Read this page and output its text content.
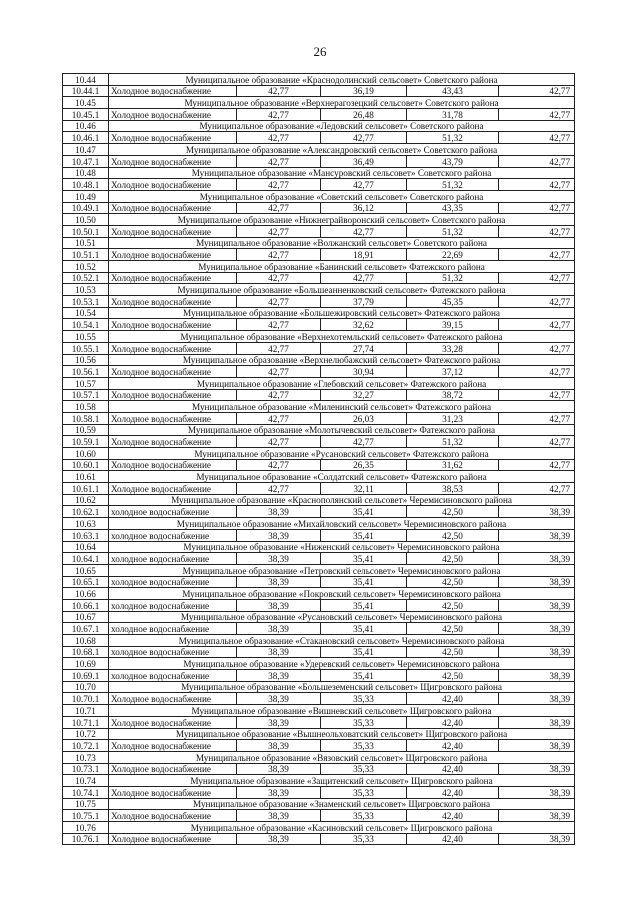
26
10.44	Муниципальное образование «Краснодолинский сельсовет» Советского района				
10.44.1	Холодное водоснабжение	42,77	36,19	43,43	42,77
10.45	Муниципальное образование «Верхнерагозецкий сельсовет» Советского района				
10.45.1	Холодное водоснабжение	42,77	26,48	31,78	42,77
10.46	Муниципальное образование «Ледовский сельсовет» Советского района				
10.46.1	Холодное водоснабжение	42,77	42,77	51,32	42,77
10.47	Муниципальное образование «Александровский сельсовет» Советского района				
10.47.1	Холодное водоснабжение	42,77	36,49	43,79	42,77
10.48	Муниципальное образование «Мансуровский сельсовет» Советского района				
10.48.1	Холодное водоснабжение	42,77	42,77	51,32	42,77
10.49	Муниципальное образование «Советский сельсовет» Советского района				
10.49.1	Холодное водоснабжение	42,77	36,12	43,35	42,77
10.50	Муниципальное образование «Нижнеграйворонский сельсовет» Советского района				
10.50.1	Холодное водоснабжение	42,77	42,77	51,32	42,77
10.51	Муниципальное образование «Волжанский сельсовет» Советского района				
10.51.1	Холодное водоснабжение	42,77	18,91	22,69	42,77
10.52	Муниципальное образование «Банинский сельсовет» Фатежского района				
10.52.1	Холодное водоснабжение	42,77	42,77	51,32	42,77
10.53	Муниципальное образование «Большеанненковский сельсовет» Фатежского района				
10.53.1	Холодное водоснабжение	42,77	37,79	45,35	42,77
10.54	Муниципальное образование «Большежировский сельсовет» Фатежского района				
10.54.1	Холодное водоснабжение	42,77	32,62	39,15	42,77
10.55	Муниципальное образование «Верхнехотемльский сельсовет» Фатежского района				
10.55.1	Холодное водоснабжение	42,77	27,74	33,28	42,77
10.56	Муниципальное образование «Верхнелюбажский сельсовет» Фатежского района				
10.56.1	Холодное водоснабжение	42,77	30,94	37,12	42,77
10.57	Муниципальное образование «Глебовский сельсовет» Фатежского района				
10.57.1	Холодное водоснабжение	42,77	32,27	38,72	42,77
10.58	Муниципальное образование «Миленинский сельсовет» Фатежского района				
10.58.1	Холодное водоснабжение	42,77	26,03	31,23	42,77
10.59	Муниципальное образование «Молотычевский сельсовет» Фатежского района				
10.59.1	Холодное водоснабжение	42,77	42,77	51,32	42,77
10.60	Муниципальное образование «Русановский сельсовет» Фатежского района				
10.60.1	Холодное водоснабжение	42,77	26,35	31,62	42,77
10.61	Муниципальное образование «Солдатский сельсовет» Фатежского района				
10.61.1	Холодное водоснабжение	42,77	32,11	38,53	42,77
10.62	Муниципальное образование «Краснополянский сельсовет» Черемисиновского района				
10.62.1	холодное водоснабжение	38,39	35,41	42,50	38,39
10.63	Муниципальное образование «Михайловский сельсовет» Черемисиновского района				
10.63.1	холодное водоснабжение	38,39	35,41	42,50	38,39
10.64	Муниципальное образование «Ниженский сельсовет» Черемисиновского района				
10.64.1	холодное водоснабжение	38,39	35,41	42,50	38,39
10.65	Муниципальное образование «Петровский сельсовет» Черемисиновского района				
10.65.1	холодное водоснабжение	38,39	35,41	42,50	38,39
10.66	Муниципальное образование «Покровский сельсовет» Черемисиновского района				
10.66.1	холодное водоснабжение	38,39	35,41	42,50	38,39
10.67	Муниципальное образование «Русановский сельсовет» Черемисиновского района				
10.67.1	холодное водоснабжение	38,39	35,41	42,50	38,39
10.68	Муниципальное образование «Стакановский сельсовет» Черемисиновского района				
10.68.1	холодное водоснабжение	38,39	35,41	42,50	38,39
10.69	Муниципальное образование «Удеревский сельсовет» Черемисиновского района				
10.69.1	холодное водоснабжение	38,39	35,41	42,50	38,39
10.70	Муниципальное образование «Большеземенский сельсовет» Щигровского района				
10.70.1	Холодное водоснабжение	38,39	35,33	42,40	38,39
10.71	Муниципальное образование «Вишневский сельсовет» Щигровского района				
10.71.1	Холодное водоснабжение	38,39	35,33	42,40	38,39
10.72	Муниципальное образование «Вышнеольховатский сельсовет» Щигровского района				
10.72.1	Холодное водоснабжение	38,39	35,33	42,40	38,39
10.73	Муниципальное образование «Вязовский сельсовет» Щигровского района				
10.73.1	Холодное водоснабжение	38,39	35,33	42,40	38,39
10.74	Муниципальное образование «Защитенский сельсовет» Щигровского района				
10.74.1	Холодное водоснабжение	38,39	35,33	42,40	38,39
10.75	Муниципальное образование «Знаменский сельсовет» Щигровского района				
10.75.1	Холодное водоснабжение	38,39	35,33	42,40	38,39
10.76	Муниципальное образование «Касиновский сельсовет» Щигровского района				
10.76.1	Холодное водоснабжение	38,39	35,33	42,40	38,39
